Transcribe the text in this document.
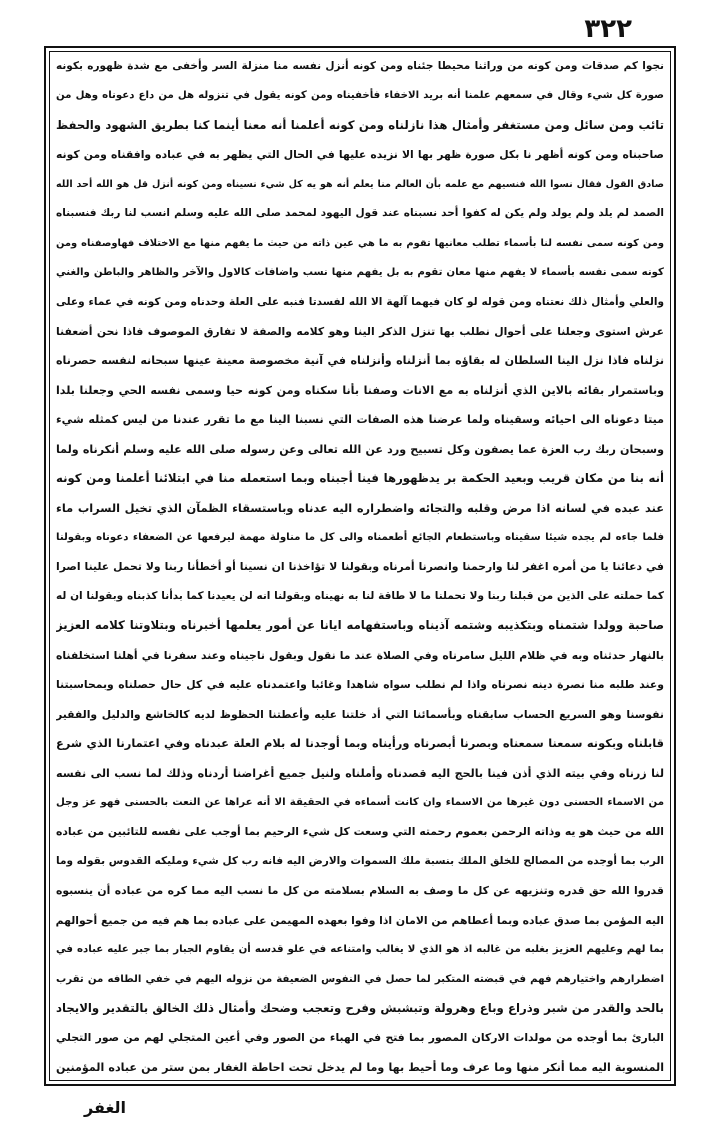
٣٢٢
نجوا كم صدقات ومن كونه من وراثنا محيطا جئناه ومن كونه أنزل نفسه منا منزلة السر وأخفى مع شدة ظهوره بكونه
صورة كل شيء وقال في سمعهم علمنا أنه بريد الاخفاء فأخفيناه ومن كونه يقول في تنزوله هل من داع دعوناه وهل من
تائب ومن سائل ومن مستغفر وأمثال هذا نازلناه ومن كونه أعلمنا أنه معنا أينما كنا بطريق الشهود والحفظ
صاحبناه ومن كونه أظهر نا بكل صورة ظهر بها الا نزيده عليها في الحال التي يظهر به في عباده وافقناه ومن كونه
صادق القول فقال نسوا الله فنسيهم مع علمه بأن العالم منا يعلم أنه هو يه كل شيء نسيناه ومن كونه أنزل قل هو الله أحد الله
الصمد لم يلد ولم يولد ولم يكن له كفوا أحد نسبناه عند قول اليهود لمحمد صلى الله عليه وسلم انسب لنا ربك فنسبناه
ومن كونه سمى نفسه لنا بأسماء تطلب معانيها تقوم به ما هي عين ذاته من حيث ما يفهم منها مع الاختلاف فهاوصفناه ومن
كونه سمى نفسه بأسماء لا يفهم منها معان تقوم به بل يفهم منها نسب واضافات كالاول والآخر والظاهر والباطن والغني
والعلي وأمثال ذلك نعتناه ومن قوله لو كان فيهما آلهة الا الله لفسدتا فنبه على العلة وحدناه ومن كونه في عماء وعلى
عرش استوى وجعلنا على أحوال نطلب بها تنزل الذكر الينا وهو كلامه والصفة لا تفارق الموصوف فاذا نحن أضعفنا
نزلناه فاذا نزل الينا السلطان له بقاؤه بما أنزلناه وأنزلناه في آنية مخصوصة معينة عينها سبحانه لنفسه حصرناه
وباستمرار بقائه بالاين الذي أنزلناه به مع الانات وصفنا بأنا سكناه ومن كونه حيا وسمى نفسه الحي وجعلنا بلدا
ميتا دعوناه الى احيائه وسقيناه ولما عرضنا هذه الصفات التي نسبنا الينا مع ما تقرر عندنا من ليس كمثله شيء
وسبحان ربك رب العزة عما يصفون وكل تسبيح ورد عن الله تعالى وعن رسوله صلى الله عليه وسلم أنكرناه ولما
أنه بنا من مكان قريب وبعيد الحكمة بر يدظهورها فينا أجبناه وبما استعمله منا في ابتلائنا أعلمنا ومن كونه
عند عبده في لسانه اذا مرض وقلبه والتجائه واضطراره اليه عدناه وباستسقاء الظمآن الذي تخيل السراب ماء
فلما جاءه لم يجده شيئا سقيناه وباستطعام الجائع أطعمناه والى كل ما مناولة مهمة ليرفعها عن الضعفاء دعوناه وبقولنا
في دعائنا يا من أمره اغفر لنا وارحمنا وانصرنا أمرناه وبقولنا لا تؤاخذنا ان نسينا أو أخطأنا ربنا ولا تحمل علينا اصرا
كما حملته على الذين من قبلنا ربنا ولا تحملنا ما لا طاقة لنا به نهيناه وبقولنا انه لن يعيدنا كما بدأنا كذبناه وبقولنا ان له
صاحبة وولدا شتمناه وبتكذيبه وشتمه آذيناه وباستفهامه ايانا عن أمور يعلمها أخبرناه وبتلاوتنا كلامه العزيز
بالنهار حدثناه وبه في ظلام الليل سامرناه وفي الصلاة عند ما نقول وبقول ناجيناه وعند سفرنا في أهلنا استخلفناه
وعند طلبه منا نصرة دينه نصرناه واذا لم نطلب سواه شاهدا وغائبا واعتمدناه عليه في كل حال حصلناه وبمحاسبتنا
نفوسنا وهو السريع الحساب سابقناه وبأسمائنا التي أد خلتنا عليه وأعطتنا الحظوظ لديه كالخاشع والدليل والفقير
قابلناه وبكونه سمعنا سمعناه وبصرنا أبصرناه ورأيناه وبما أوجدنا له بلام العلة عبدناه وفي اعتمارنا الذي شرع
لنا زرناه وفي بيته الذي أذن فينا بالحج اليه قصدناه وأملناه ولنيل جميع أغراضنا أردناه وذلك لما نسب الى نفسه
من الاسماء الحسنى دون غيرها من الاسماء وان كانت أسماءه في الحقيقة الا أنه عراها عن النعت بالحسنى فهو عز وجل
الله من حيث هو يه وذاته الرحمن بعموم رحمته التي وسعت كل شيء الرحيم بما أوجب على نفسه للتائبين من عباده
الرب بما أوجده من المصالح للخلق الملك بنسبة ملك السموات والارض اليه فانه رب كل شيء ومليكه القدوس بقوله وما
قدروا الله حق قدره وتنزيهه عن كل ما وصف به السلام بسلامته من كل ما نسب اليه مما كره من عباده أن ينسبوه
اليه المؤمن بما صدق عباده وبما أعطاهم من الامان اذا وفوا بعهده المهيمن على عباده بما هم فيه من جميع أحوالهم
بما لهم وعليهم العزيز بغلبه من غالبه اذ هو الذي لا يغالب وامتناعه في علو قدسه أن يقاوم الجبار بما جبر عليه عباده في
اضطرارهم واختيارهم فهم في قبضته المتكبر لما حصل في النفوس الضعيفة من نزوله اليهم في خفي الطافه من تقرب
بالحد والقدر من شبر وذراع وباع وهرولة وتبشبش وفرح وتعجب وضحك وأمثال ذلك الخالق بالتقدير والايجاد
البارئ بما أوجده من مولدات الاركان المصور بما فتح في الهباء من الصور وفي أعين المتجلي لهم من صور التجلي
المنسوبة اليه مما أنكر منها وما عرف وما أحيط بها وما لم يدخل تحت احاطة الغفار بمن ستر من عباده المؤمنين
الغفر
